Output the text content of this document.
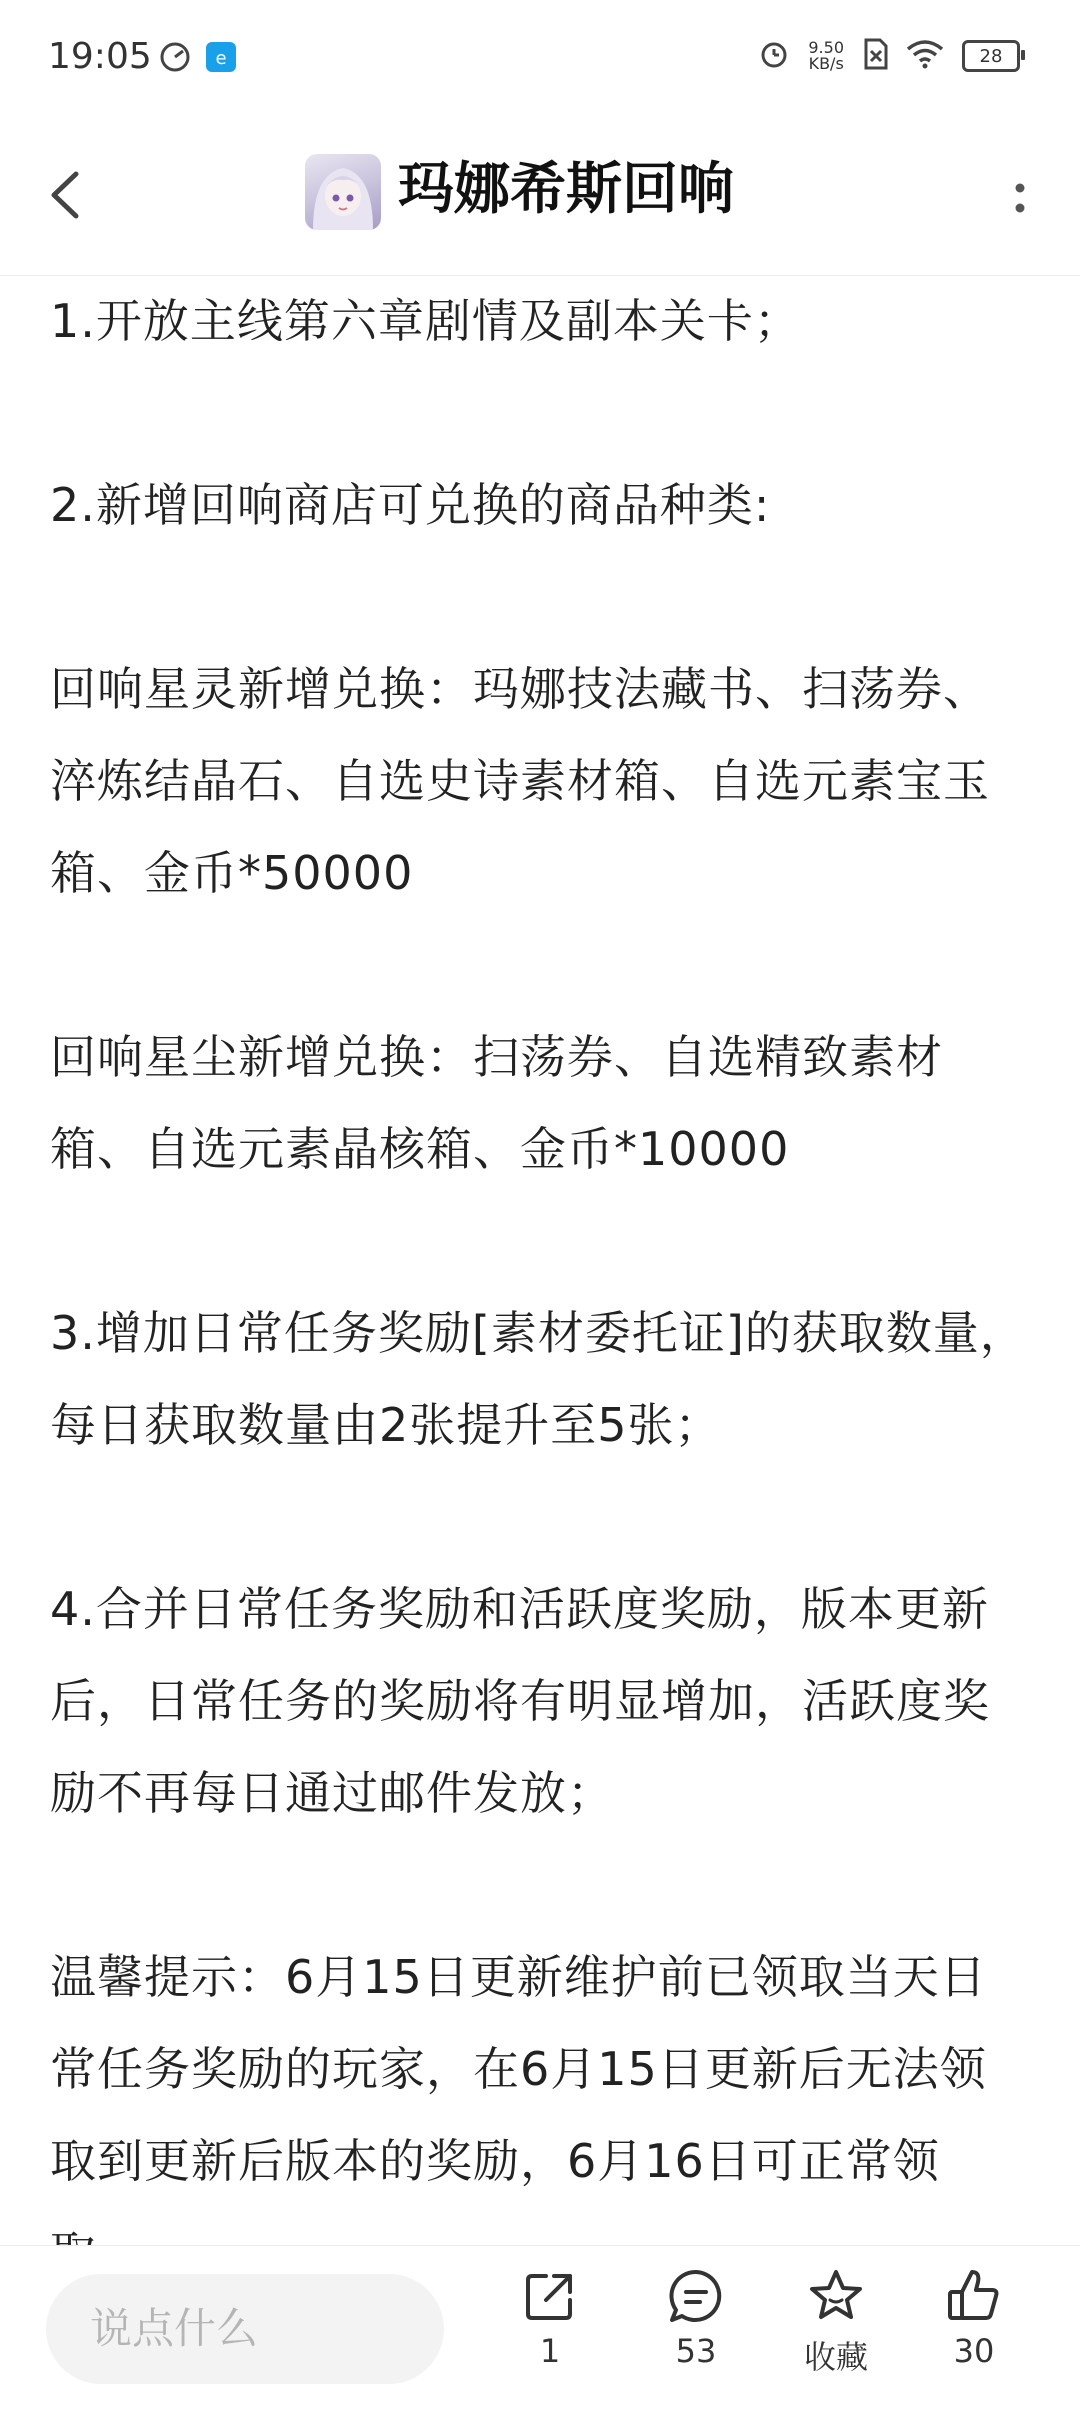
19:05	e
9.50
KB/s	28
玛娜希斯回响

1.开放主线第六章剧情及副本关卡；

2.新增回响商店可兑换的商品种类:

回响星灵新增兑换：玛娜技法藏书、扫荡券、淬炼结晶石、自选史诗素材箱、自选元素宝玉箱、金币*50000

回响星尘新增兑换：扫荡券、自选精致素材箱、自选元素晶核箱、金币*10000

3.增加日常任务奖励[素材委托证]的获取数量，每日获取数量由2张提升至5张；

4.合并日常任务奖励和活跃度奖励，版本更新后，日常任务的奖励将有明显增加，活跃度奖励不再每日通过邮件发放；

温馨提示：6月15日更新维护前已领取当天日常任务奖励的玩家，在6月15日更新后无法领取到更新后版本的奖励，6月16日可正常领

说点什么	1	53	收藏	30
